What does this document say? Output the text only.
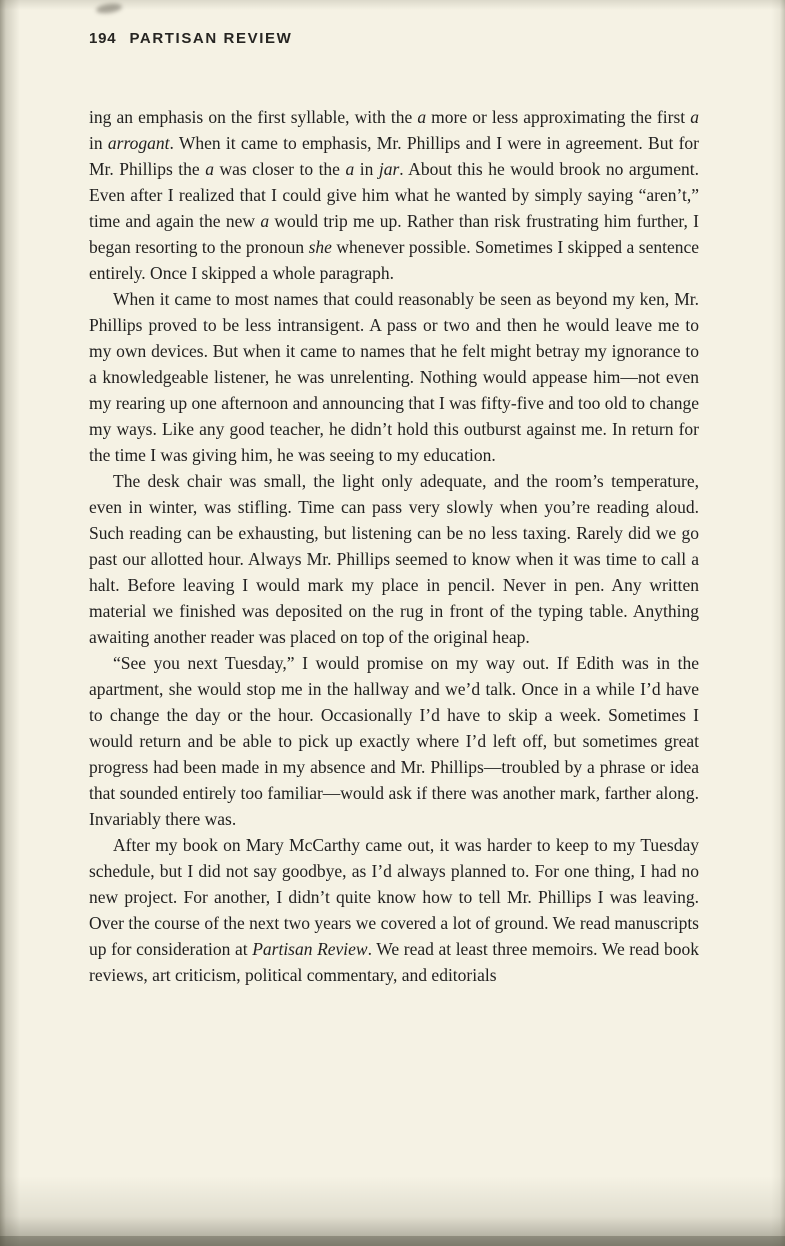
194 PARTISAN REVIEW

ing an emphasis on the first syllable, with the a more or less approximating the first a in arrogant. When it came to emphasis, Mr. Phillips and I were in agreement. But for Mr. Phillips the a was closer to the a in jar. About this he would brook no argument. Even after I realized that I could give him what he wanted by simply saying “aren’t,” time and again the new a would trip me up. Rather than risk frustrating him further, I began resorting to the pronoun she whenever possible. Sometimes I skipped a sentence entirely. Once I skipped a whole paragraph.

When it came to most names that could reasonably be seen as beyond my ken, Mr. Phillips proved to be less intransigent. A pass or two and then he would leave me to my own devices. But when it came to names that he felt might betray my ignorance to a knowledgeable listener, he was unrelenting. Nothing would appease him—not even my rearing up one afternoon and announcing that I was fifty-five and too old to change my ways. Like any good teacher, he didn’t hold this outburst against me. In return for the time I was giving him, he was seeing to my education.

The desk chair was small, the light only adequate, and the room’s temperature, even in winter, was stifling. Time can pass very slowly when you’re reading aloud. Such reading can be exhausting, but listening can be no less taxing. Rarely did we go past our allotted hour. Always Mr. Phillips seemed to know when it was time to call a halt. Before leaving I would mark my place in pencil. Never in pen. Any written material we finished was deposited on the rug in front of the typing table. Anything awaiting another reader was placed on top of the original heap.

“See you next Tuesday,” I would promise on my way out. If Edith was in the apartment, she would stop me in the hallway and we’d talk. Once in a while I’d have to change the day or the hour. Occasionally I’d have to skip a week. Sometimes I would return and be able to pick up exactly where I’d left off, but sometimes great progress had been made in my absence and Mr. Phillips—troubled by a phrase or idea that sounded entirely too familiar—would ask if there was another mark, farther along. Invariably there was.

After my book on Mary McCarthy came out, it was harder to keep to my Tuesday schedule, but I did not say goodbye, as I’d always planned to. For one thing, I had no new project. For another, I didn’t quite know how to tell Mr. Phillips I was leaving. Over the course of the next two years we covered a lot of ground. We read manuscripts up for consideration at Partisan Review. We read at least three memoirs. We read book reviews, art criticism, political commentary, and editorials
